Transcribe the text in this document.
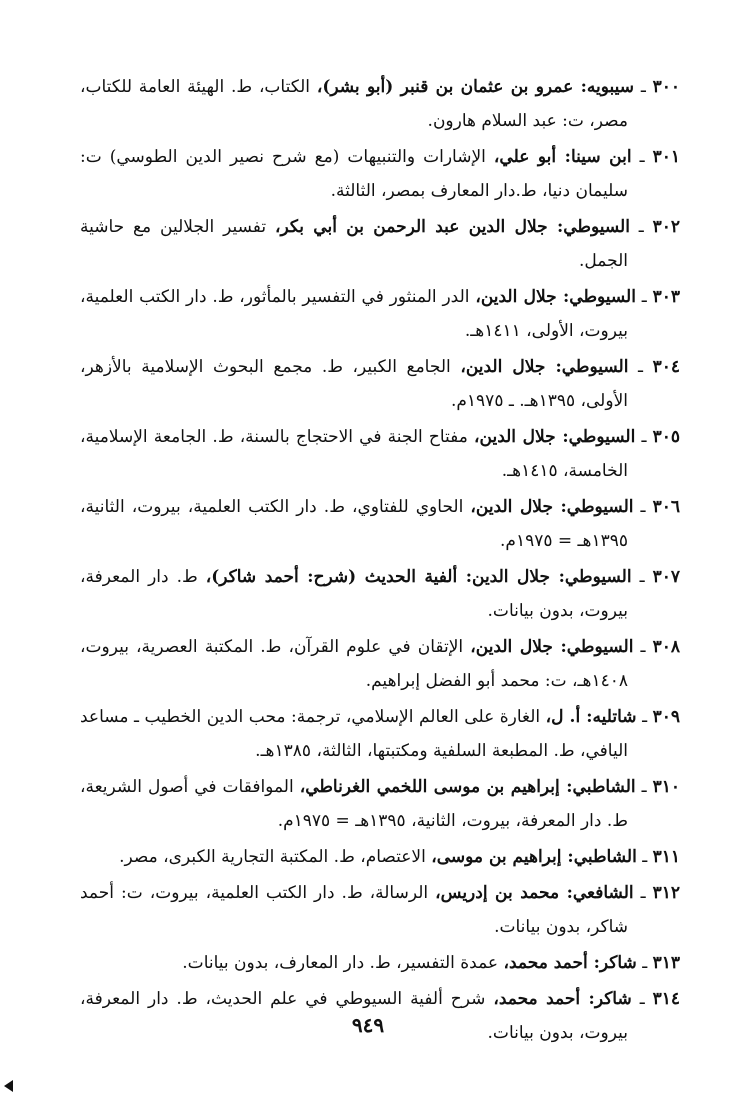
٣٠٠ ـ سيبويه: عمرو بن عثمان بن قنبر (أبو بشر)، الكتاب، ط. الهيئة العامة للكتاب، مصر، ت: عبد السلام هارون.

٣٠١ ـ ابن سينا: أبو علي، الإشارات والتنبيهات (مع شرح نصير الدين الطوسي) ت: سليمان دنيا، ط.دار المعارف بمصر، الثالثة.

٣٠٢ ـ السيوطي: جلال الدين عبد الرحمن بن أبي بكر، تفسير الجلالين مع حاشية الجمل.

٣٠٣ ـ السيوطي: جلال الدين، الدر المنثور في التفسير بالمأثور، ط. دار الكتب العلمية، بيروت، الأولى، ١٤١١هـ.

٣٠٤ ـ السيوطي: جلال الدين، الجامع الكبير، ط. مجمع البحوث الإسلامية بالأزهر، الأولى، ١٣٩٥هـ. ـ ١٩٧٥م.

٣٠٥ ـ السيوطي: جلال الدين، مفتاح الجنة في الاحتجاج بالسنة، ط. الجامعة الإسلامية، الخامسة، ١٤١٥هـ.

٣٠٦ ـ السيوطي: جلال الدين، الحاوي للفتاوي، ط. دار الكتب العلمية، بيروت، الثانية، ١٣٩٥هـ = ١٩٧٥م.

٣٠٧ ـ السيوطي: جلال الدين: ألفية الحديث (شرح: أحمد شاكر)، ط. دار المعرفة، بيروت، بدون بيانات.

٣٠٨ ـ السيوطي: جلال الدين، الإتقان في علوم القرآن، ط. المكتبة العصرية، بيروت، ١٤٠٨هـ، ت: محمد أبو الفضل إبراهيم.

٣٠٩ ـ شاتليه: أ. ل، الغارة على العالم الإسلامي، ترجمة: محب الدين الخطيب ـ مساعد اليافي، ط. المطبعة السلفية ومكتبتها، الثالثة، ١٣٨٥هـ.

٣١٠ ـ الشاطبي: إبراهيم بن موسى اللخمي الغرناطي، الموافقات في أصول الشريعة، ط. دار المعرفة، بيروت، الثانية، ١٣٩٥هـ = ١٩٧٥م.

٣١١ ـ الشاطبي: إبراهيم بن موسى، الاعتصام، ط. المكتبة التجارية الكبرى، مصر.

٣١٢ ـ الشافعي: محمد بن إدريس، الرسالة، ط. دار الكتب العلمية، بيروت، ت: أحمد شاكر، بدون بيانات.

٣١٣ ـ شاكر: أحمد محمد، عمدة التفسير، ط. دار المعارف، بدون بيانات.

٣١٤ ـ شاكر: أحمد محمد، شرح ألفية السيوطي في علم الحديث، ط. دار المعرفة، بيروت، بدون بيانات.

٩٤٩
